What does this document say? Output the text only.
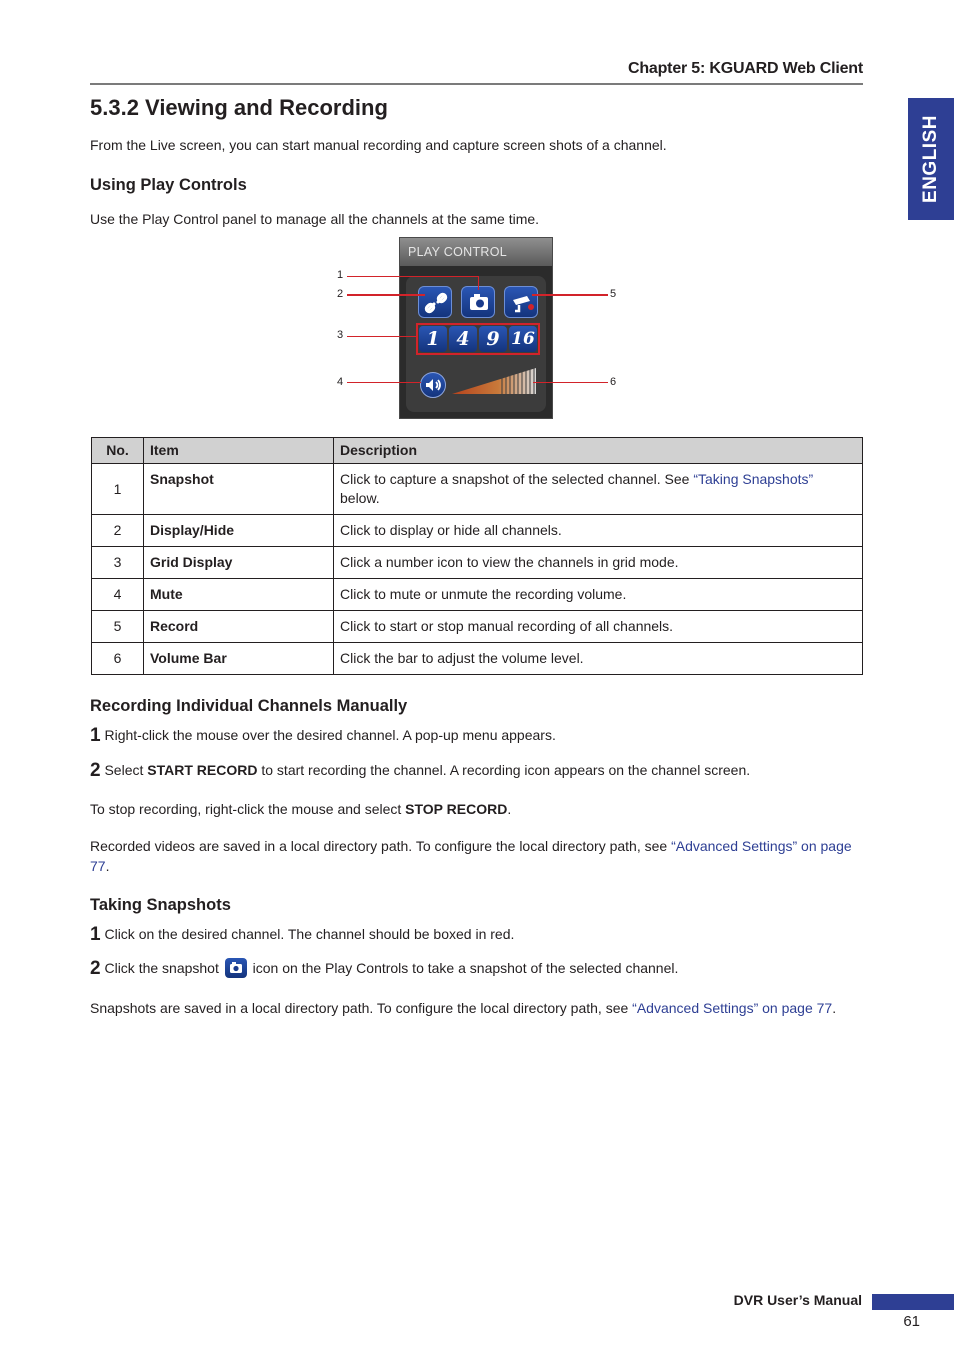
Chapter 5: KGUARD Web Client
ENGLISH
5.3.2 Viewing and Recording

From the Live screen, you can start manual recording and capture screen shots of a channel.

Using Play Controls

Use the Play Control panel to manage all the channels at the same time.

PLAY CONTROL
1 4 9 16
1
2
3
4
5
6
No.	Item	Description
1	Snapshot	Click to capture a snapshot of the selected channel. See “Taking Snapshots” below.
2	Display/Hide	Click to display or hide all channels.
3	Grid Display	Click a number icon to view the channels in grid mode.
4	Mute	Click to mute or unmute the recording volume.
5	Record	Click to start or stop manual recording of all channels.
6	Volume Bar	Click the bar to adjust the volume level.
Recording Individual Channels Manually

1 Right-click the mouse over the desired channel. A pop-up menu appears.

2 Select START RECORD to start recording the channel. A recording icon appears on the channel screen.

To stop recording, right-click the mouse and select STOP RECORD.

Recorded videos are saved in a local directory path. To configure the local directory path, see “Advanced Settings” on page 77.

Taking Snapshots

1 Click on the desired channel. The channel should be boxed in red.

2 Click the snapshot icon on the Play Controls to take a snapshot of the selected channel.

Snapshots are saved in a local directory path. To configure the local directory path, see “Advanced Settings” on page 77.

DVR User’s Manual
61
